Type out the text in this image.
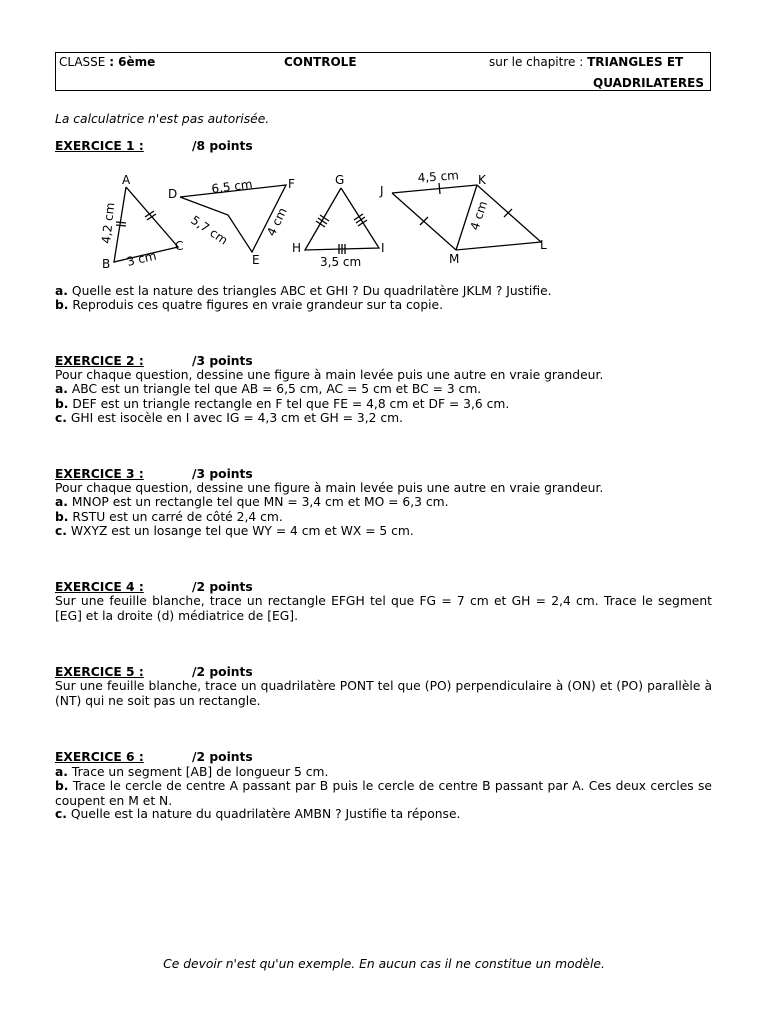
CLASSE : 6ème	CONTROLE	sur le chapitre : TRIANGLES ET
QUADRILATERES
La calculatrice n'est pas autorisée.
EXERCICE 1 :	/8 points
A
B
C
4,2 cm
3 cm
D
E
F
6,5 cm
5,7 cm	4 cm
G
H	I
3,5 cm
J
K
L
M
4,5 cm
4 cm
a. Quelle est la nature des triangles ABC et GHI ? Du quadrilatère JKLM ? Justifie.
b. Reproduis ces quatre figures en vraie grandeur sur ta copie.
EXERCICE 2 :	/3 points
Pour chaque question, dessine une figure à main levée puis une autre en vraie grandeur.
a. ABC est un triangle tel que AB = 6,5 cm, AC = 5 cm et BC = 3 cm.
b. DEF est un triangle rectangle en F tel que FE = 4,8 cm et DF = 3,6 cm.
c. GHI est isocèle en I avec IG = 4,3 cm et GH = 3,2 cm.
EXERCICE 3 :	/3 points
Pour chaque question, dessine une figure à main levée puis une autre en vraie grandeur.
a. MNOP est un rectangle tel que MN = 3,4 cm et MO = 6,3 cm.
b. RSTU est un carré de côté 2,4 cm.
c. WXYZ est un losange tel que WY = 4 cm et WX = 5 cm.
EXERCICE 4 :	/2 points
Sur une feuille blanche, trace un rectangle EFGH tel que FG = 7 cm et GH = 2,4 cm. Trace le segment [EG] et la droite (d) médiatrice de [EG].
EXERCICE 5 :	/2 points
Sur une feuille blanche, trace un quadrilatère PONT tel que (PO) perpendiculaire à (ON) et (PO) parallèle à (NT) qui ne soit pas un rectangle.
EXERCICE 6 :	/2 points
a. Trace un segment [AB] de longueur 5 cm.
b. Trace le cercle de centre A passant par B puis le cercle de centre B passant par A. Ces deux cercles se coupent en M et N.
c. Quelle est la nature du quadrilatère AMBN ? Justifie ta réponse.
Ce devoir n'est qu'un exemple. En aucun cas il ne constitue un modèle.
